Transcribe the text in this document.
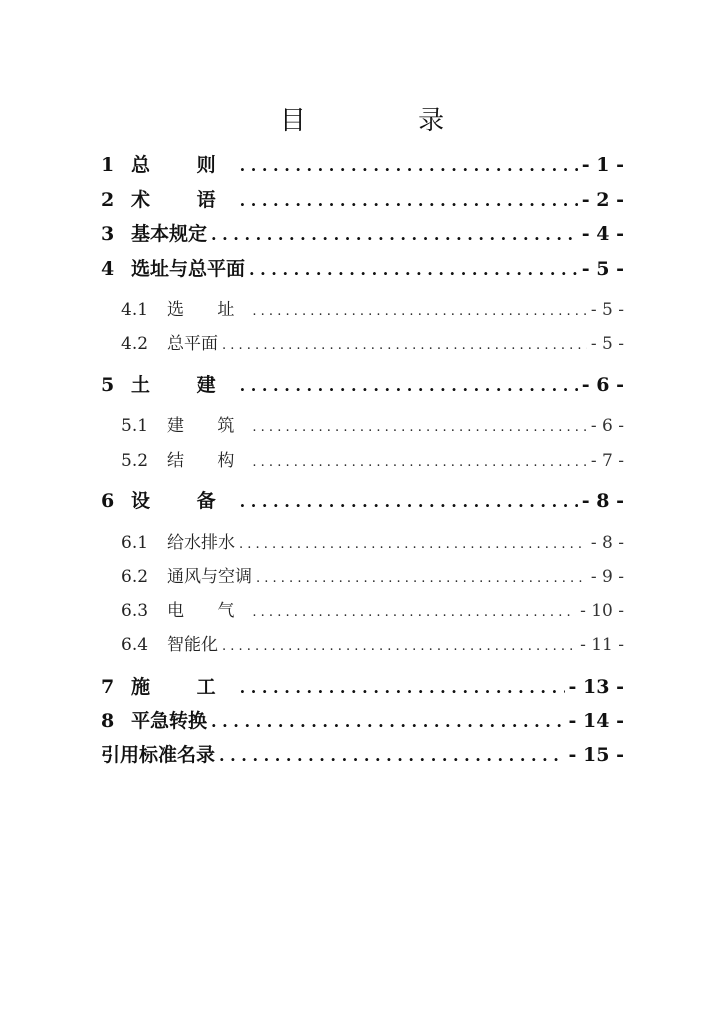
目 录
1 总 则 . . .	- 1 -
2 术 语 . . .	- 2 -
3 基本规定 . . .	- 4 -
4 选址与总平面 . . .	- 5 -
4.1	选 址 . . .	- 5 -
4.2	总平面 . . .	- 5 -
5 土 建 . . .	- 6 -
5.1	建 筑 . . .	- 6 -
5.2	结 构 . . .	- 7 -
6 设 备 . . .	- 8 -
6.1	给水排水 . . .	- 8 -
6.2	通风与空调 . . .	- 9 -
6.3	电 气 . . .	- 10 -
6.4	智能化 . . .	- 11 -
7 施 工 . . .	- 13 -
8 平急转换 . . .	- 14 -
引用标准名录 . . .	- 15 -
